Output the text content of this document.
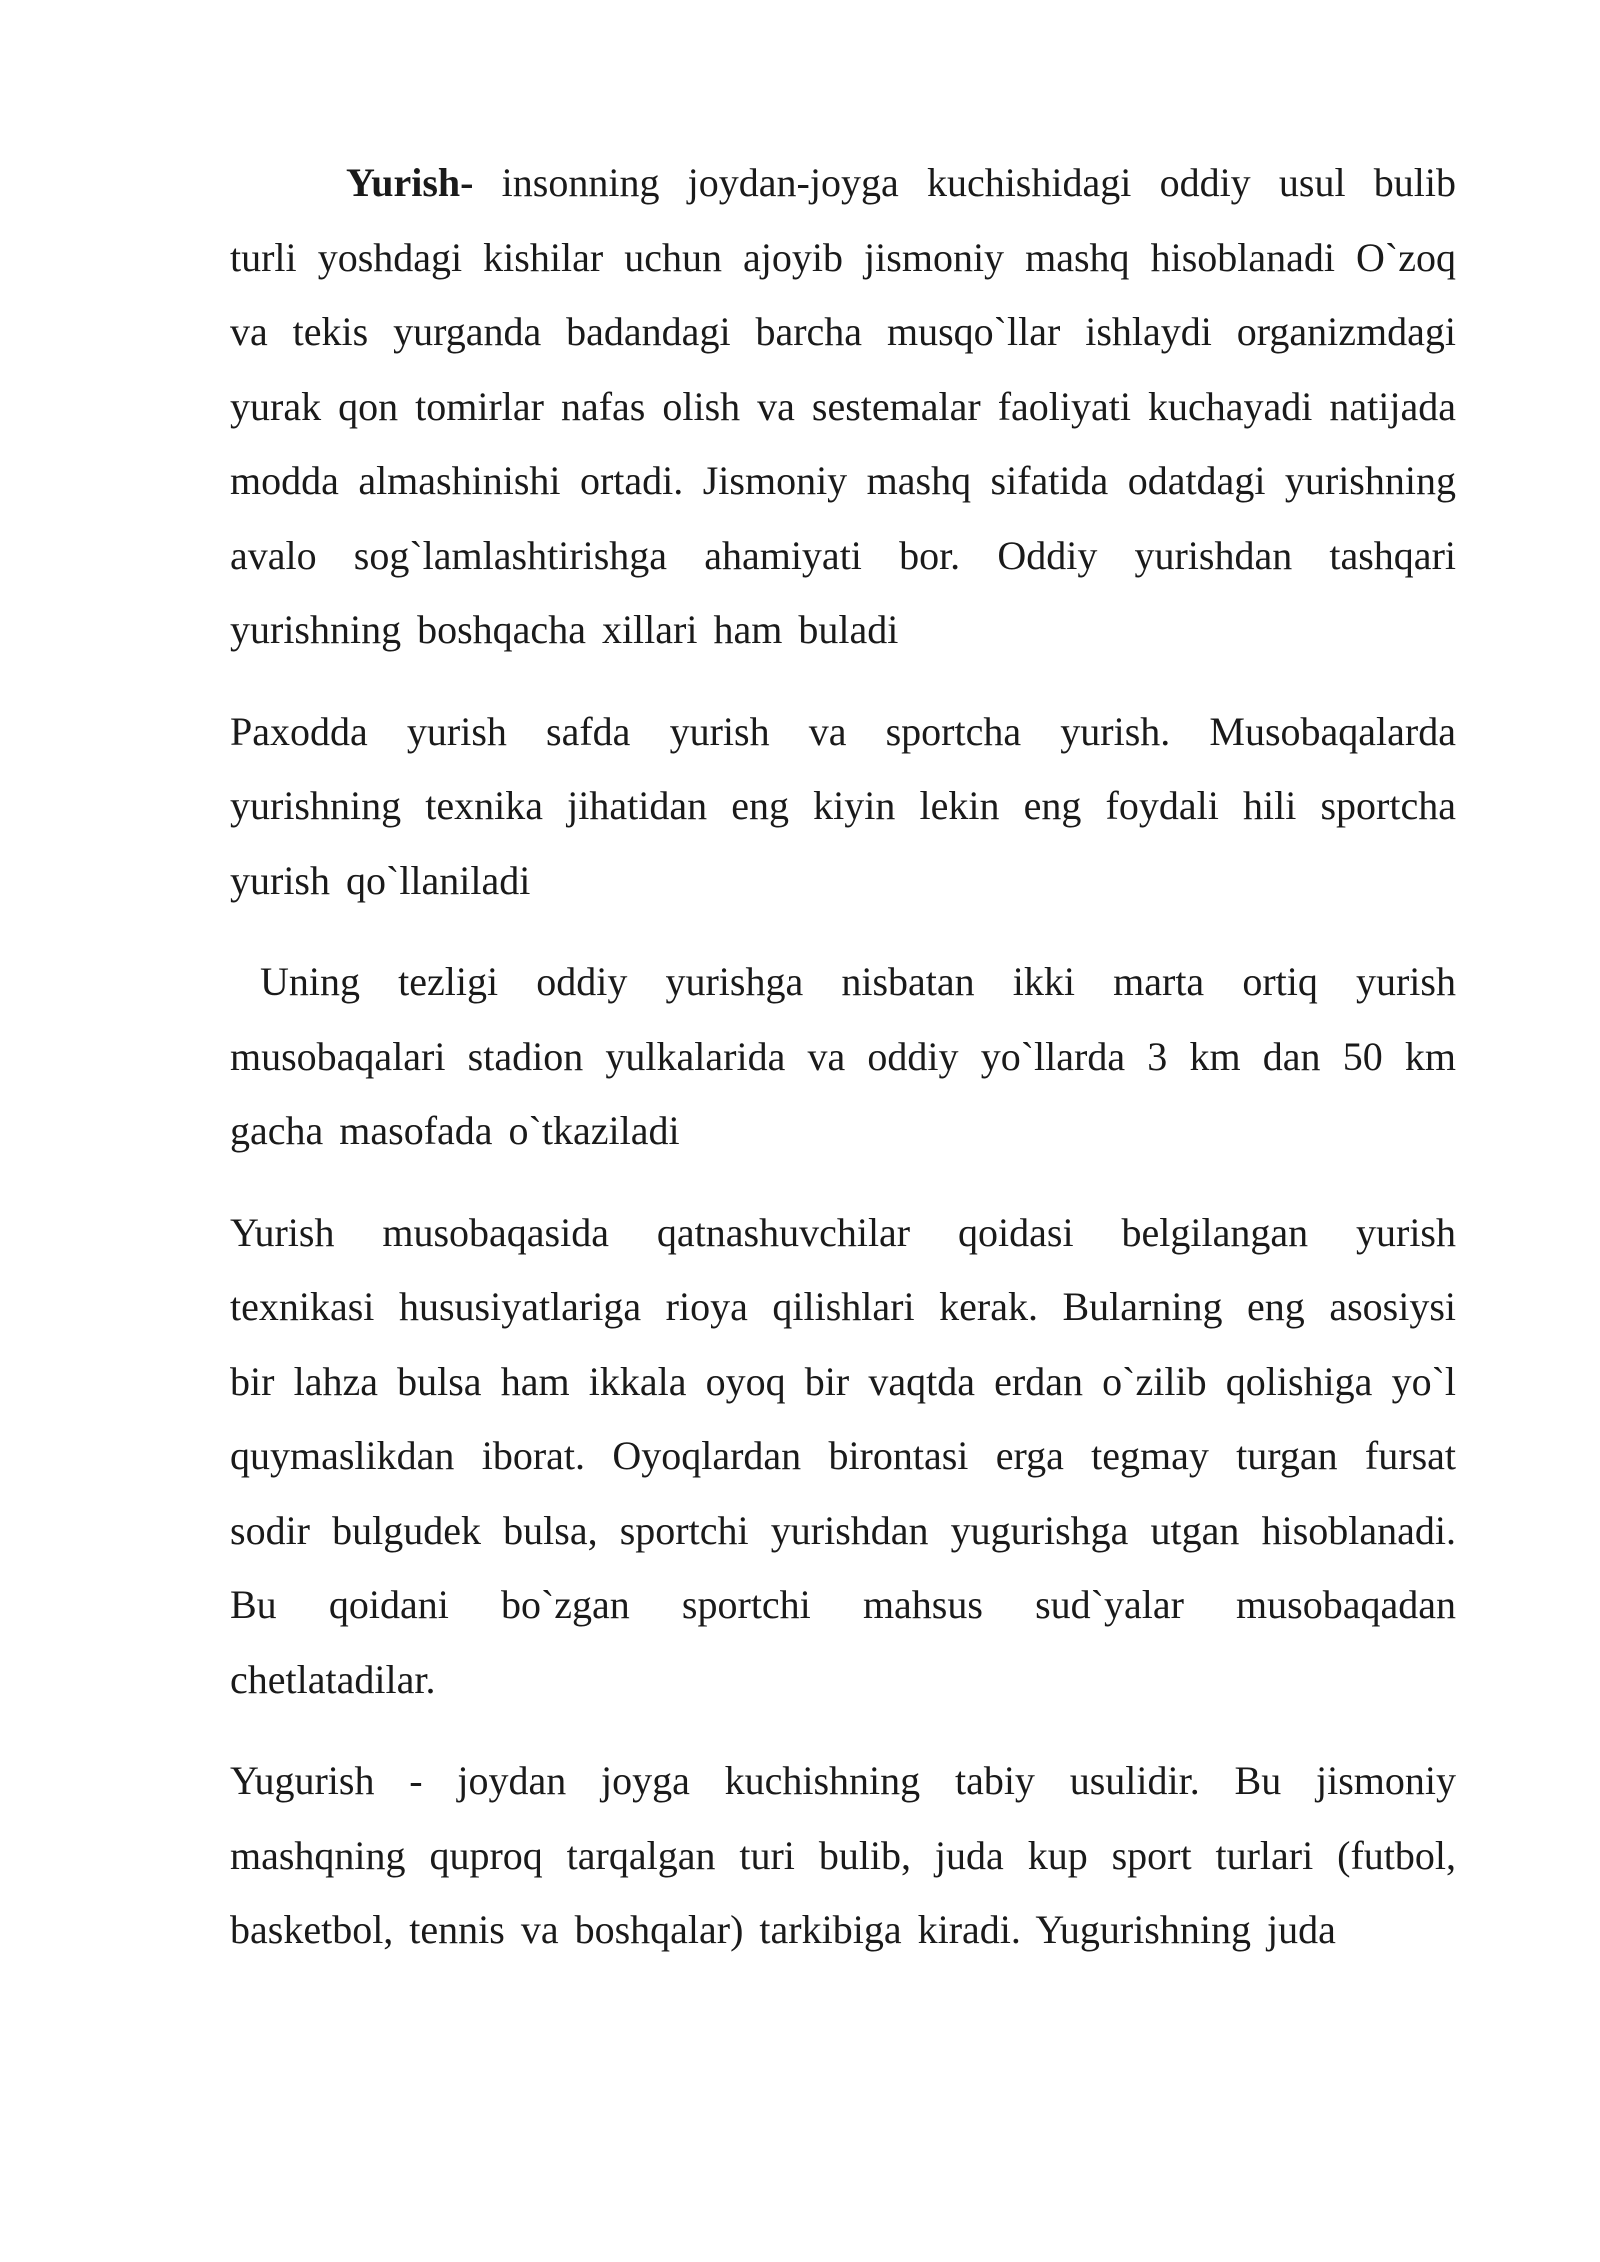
Yurish- insonning joydan-joyga kuchishidagi oddiy usul bulib turli yoshdagi kishilar uchun ajoyib jismoniy mashq hisoblanadi O`zoq va tekis yurganda badandagi barcha musqo`llar ishlaydi organizmdagi yurak qon tomirlar nafas olish va sestemalar faoliyati kuchayadi natijada modda almashinishi ortadi. Jismoniy mashq sifatida odatdagi yurishning avalo sog`lamlashtirishga ahamiyati bor. Oddiy yurishdan tashqari yurishning boshqacha xillari ham buladi

Paxodda yurish safda yurish va sportcha yurish. Musobaqalarda yurishning texnika jihatidan eng kiyin lekin eng foydali hili sportcha yurish qo`llaniladi

Uning tezligi oddiy yurishga nisbatan ikki marta ortiq yurish musobaqalari stadion yulkalarida va oddiy yo`llarda 3 km dan 50 km gacha masofada o`tkaziladi

Yurish musobaqasida qatnashuvchilar qoidasi belgilangan yurish texnikasi hususiyatlariga rioya qilishlari kerak. Bularning eng asosiysi bir lahza bulsa ham ikkala oyoq bir vaqtda erdan o`zilib qolishiga yo`l quymaslikdan iborat. Oyoqlardan birontasi erga tegmay turgan fursat sodir bulgudek bulsa, sportchi yurishdan yugurishga utgan hisoblanadi. Bu qoidani bo`zgan sportchi mahsus sud`yalar musobaqadan chetlatadilar.

Yugurish - joydan joyga kuchishning tabiy usulidir. Bu jismoniy mashqning quproq tarqalgan turi bulib, juda kup sport turlari (futbol, basketbol, tennis va boshqalar) tarkibiga kiradi. Yugurishning juda
